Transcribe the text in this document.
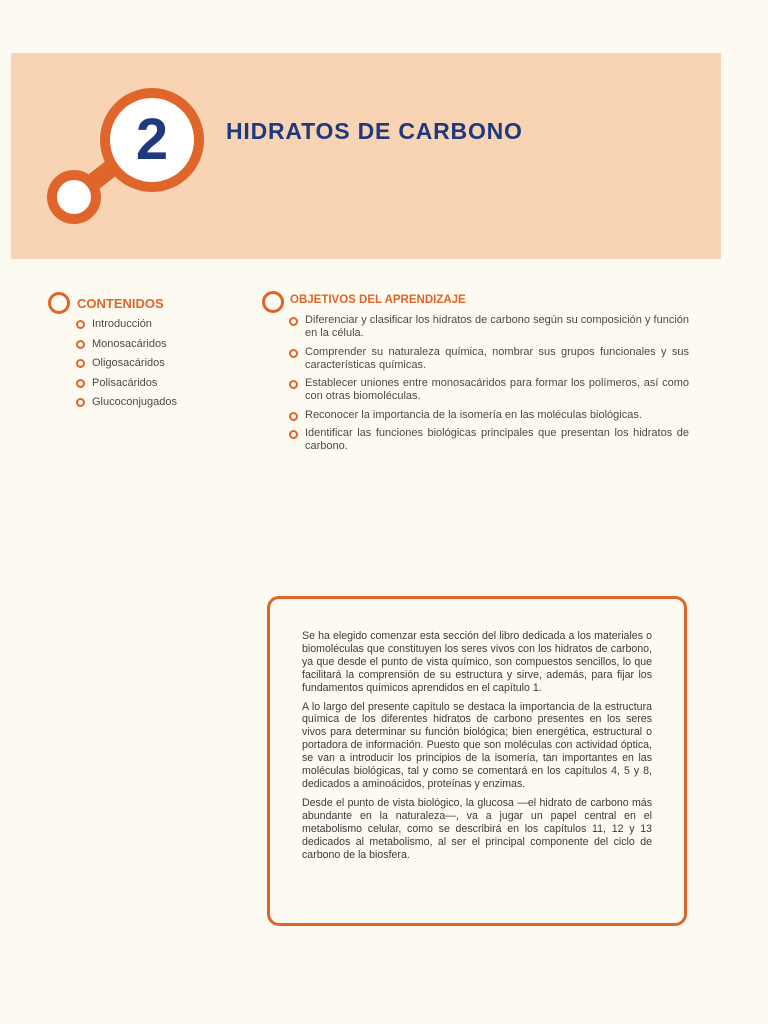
2	HIDRATOS DE CARBONO
CONTENIDOS
Introducción
Monosacáridos
Oligosacáridos
Polisacáridos
Glucoconjugados
OBJETIVOS DEL APRENDIZAJE
Diferenciar y clasificar los hidratos de carbono según su composición y función en la célula.
Comprender su naturaleza química, nombrar sus grupos funcionales y sus características químicas.
Establecer uniones entre monosacáridos para formar los polímeros, así como con otras biomoléculas.
Reconocer la importancia de la isomería en las moléculas biológicas.
Identificar las funciones biológicas principales que presentan los hidratos de carbono.

Se ha elegido comenzar esta sección del libro dedicada a los materiales o biomoléculas que constituyen los seres vivos con los hidratos de carbono, ya que desde el punto de vista químico, son compuestos sencillos, lo que facilitará la comprensión de su estructura y sirve, además, para fijar los fundamentos químicos aprendidos en el capítulo 1.

A lo largo del presente capítulo se destaca la importancia de la estructura química de los diferentes hidratos de carbono presentes en los seres vivos para determinar su función biológica; bien energética, estructural o portadora de información. Puesto que son moléculas con actividad óptica, se van a introducir los principios de la isomería, tan importantes en las moléculas biológicas, tal y como se comentará en los capítulos 4, 5 y 8, dedicados a aminoácidos, proteínas y enzimas.

Desde el punto de vista biológico, la glucosa —el hidrato de carbono más abundante en la naturaleza—, va a jugar un papel central en el metabolismo celular, como se describirá en los capítulos 11, 12 y 13 dedicados al metabolismo, al ser el principal componente del ciclo de carbono de la biosfera.
